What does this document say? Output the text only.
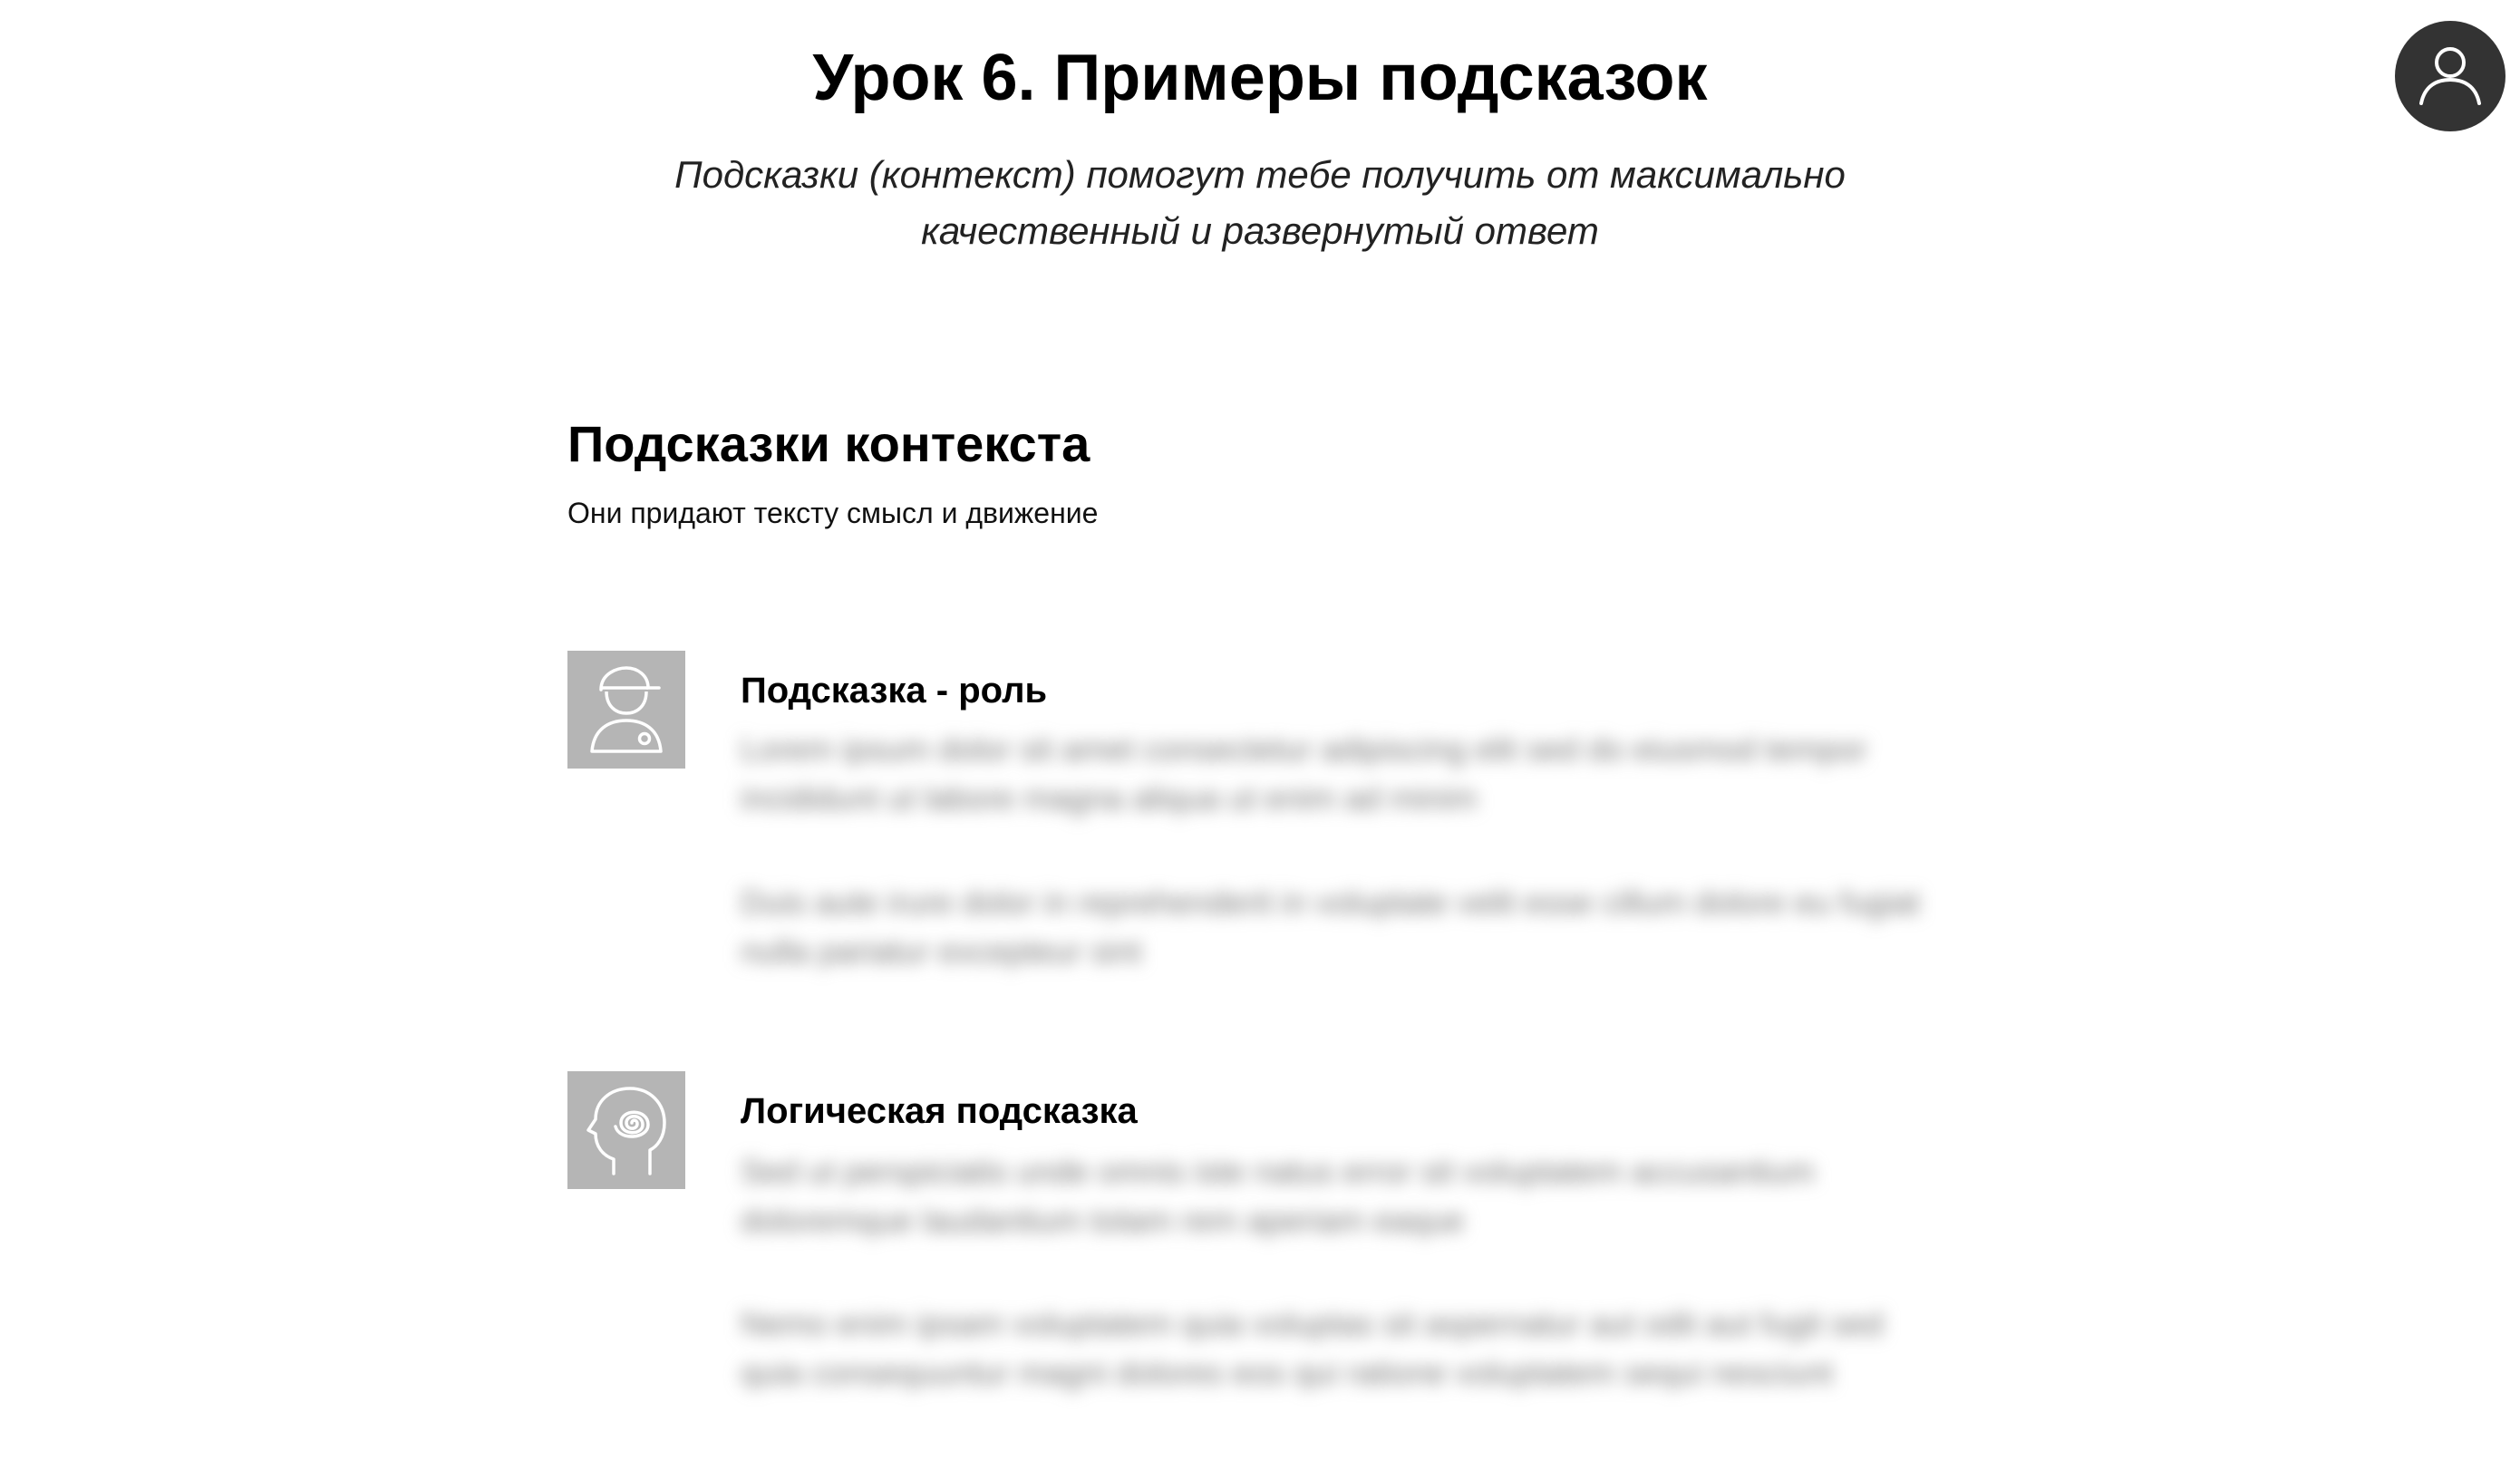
Урок 6. Примеры подсказок

Подсказки (контекст) помогут тебе получить от максимально качественный и развернутый ответ

Подсказки контекста

Они придают тексту смысл и движение

Подсказка - роль

Lorem ipsum dolor sit amet consectetur adipiscing elit sed do eiusmod tempor incididunt ut labore magna aliqua ut enim ad minim

Duis aute irure dolor in reprehenderit in voluptate velit esse cillum dolore eu fugiat nulla pariatur excepteur sint

Логическая подсказка

Sed ut perspiciatis unde omnis iste natus error sit voluptatem accusantium doloremque laudantium totam rem aperiam eaque

Nemo enim ipsam voluptatem quia voluptas sit aspernatur aut odit aut fugit sed quia consequuntur magni dolores eos qui ratione voluptatem sequi nesciunt
